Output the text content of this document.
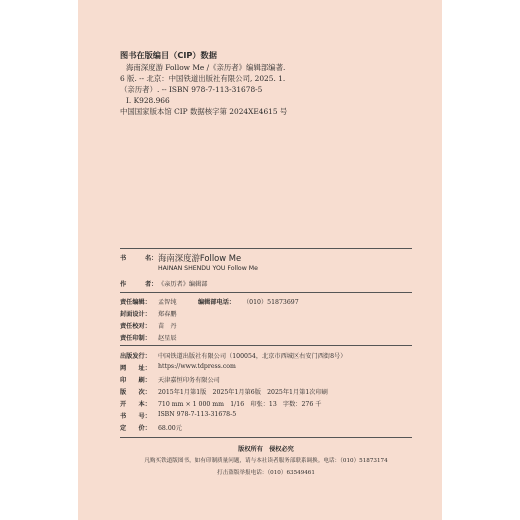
图书在版编目（CIP）数据
海南深度游 Follow Me /《亲历者》编辑部编著.
6 版. -- 北京：中国铁道出版社有限公司, 2025. 1.
（亲历者）. -- ISBN 978-7-113-31678-5
Ⅰ. K928.966
中国国家版本馆 CIP 数据核字第 2024XE4615 号
书	名： 海南深度游Follow Me
HAINAN SHENDU YOU Follow Me
作	者： 《亲历者》编辑部
责任编辑： 孟智纯	编辑部电话： （010）51873697
封面设计： 郑春鹏
责任校对： 苗　丹
责任印制： 赵星辰
出版发行： 中国铁道出版社有限公司（100054，北京市西城区右安门西街8号）
网　　址： https://www.tdpress.com
印　　刷： 天津嘉恒印务有限公司
版　　次： 2015年1月第1版　2025年1月第6版　2025年1月第1次印刷
开　　本： 710 mm × 1 000 mm　1/16　印张：13　字数：276 千
书　　号： ISBN 978-7-113-31678-5
定　　价： 68.00元
版权所有　侵权必究
凡购买铁道版图书，如有印制质量问题，请与本社读者服务部联系调换。电话：（010）51873174
打击盗版举报电话：（010）63549461
